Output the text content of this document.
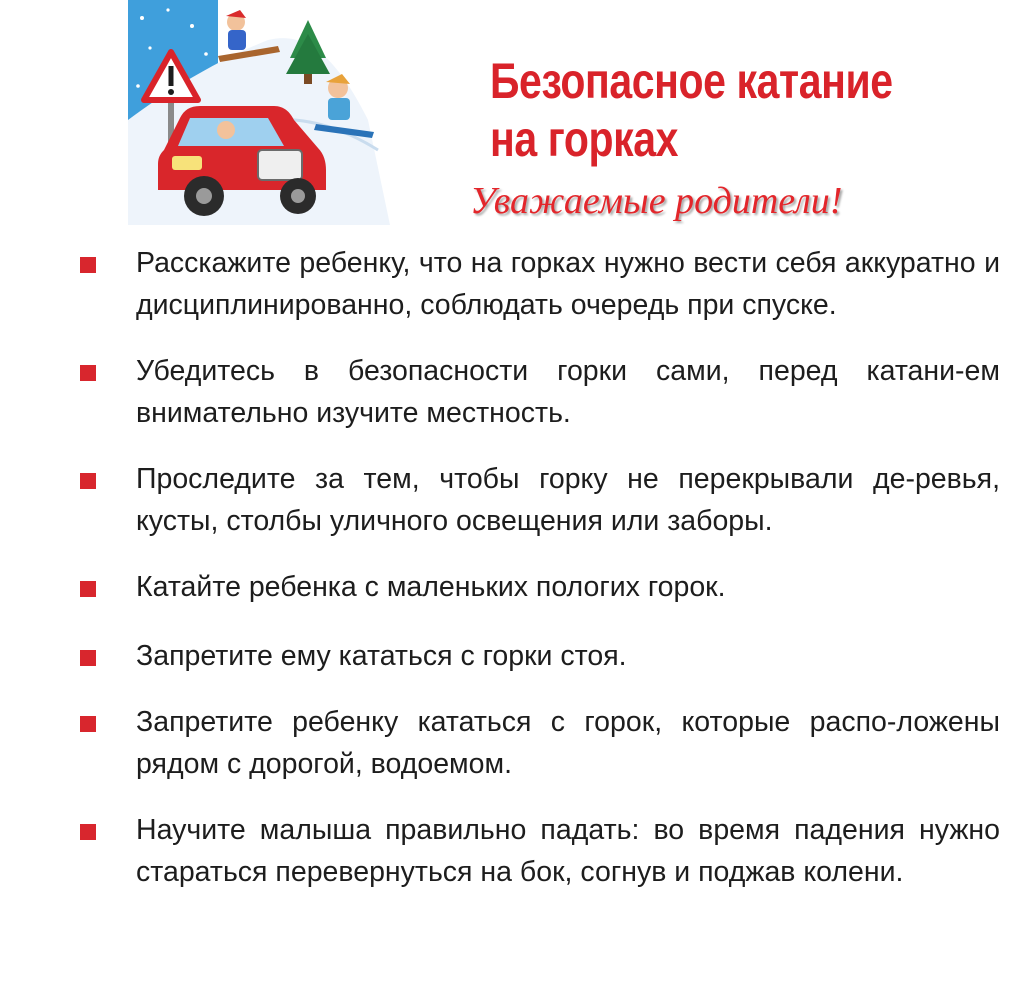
Безопасное катание
на горках

Уважаемые родители!

Расскажите ребенку, что на горках нужно вести себя аккуратно и дисциплинированно, соблюдать очередь при спуске.
Убедитесь в безопасности горки сами, перед катани-ем внимательно изучите местность.
Проследите за тем, чтобы горку не перекрывали де-ревья, кусты, столбы уличного освещения или заборы.
Катайте ребенка с маленьких пологих горок.
Запретите ему кататься с горки стоя.
Запретите ребенку кататься с горок, которые распо-ложены рядом с дорогой, водоемом.
Научите малыша правильно падать: во время падения нужно стараться перевернуться на бок, согнув и поджав колени.
